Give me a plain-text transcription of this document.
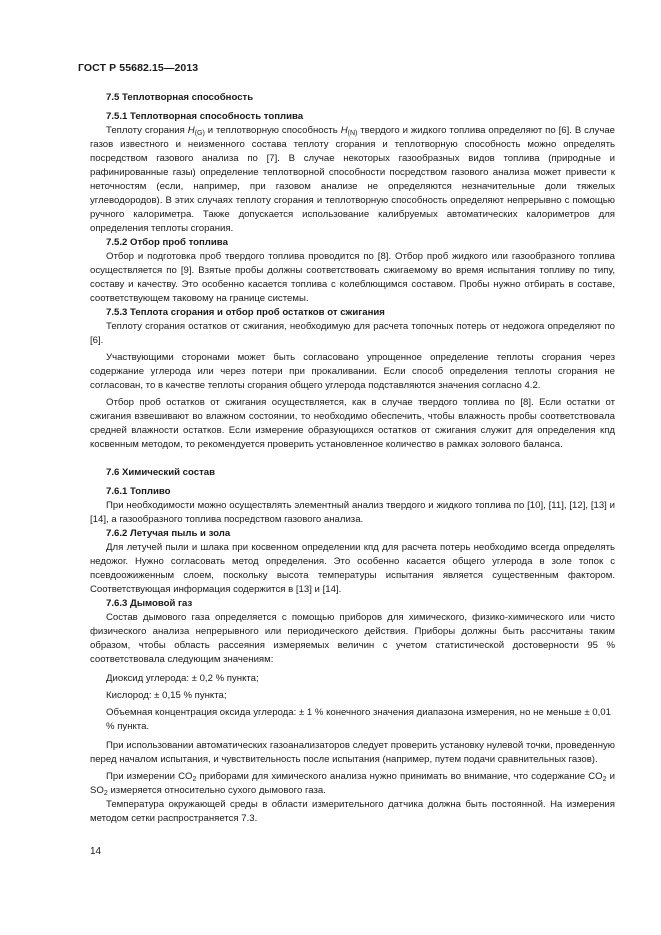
ГОСТ Р 55682.15—2013

7.5 Теплотворная способность

7.5.1 Теплотворная способность топлива

Теплоту сгорания $H_{(G)}$ и теплотворную способность $H_{(N)}$ твердого и жидкого топлива определяют по [6]. В случае газов известного и неизменного состава теплоту сгорания и теплотворную способность можно определять посредством газового анализа по [7]. В случае некоторых газообразных видов топлива (природные и рафинированные газы) определение теплотворной способности посредством газового анализа может привести к неточностям (если, например, при газовом анализе не определяются незначительные доли тяжелых углеводородов). В этих случаях теплоту сгорания и теплотворную способность определяют непрерывно с помощью ручного калориметра. Также допускается использование калибруемых автоматических калориметров для определения теплоты сгорания.

7.5.2 Отбор проб топлива

Отбор и подготовка проб твердого топлива проводится по [8]. Отбор проб жидкого или газообразного топлива осуществляется по [9]. Взятые пробы должны соответствовать сжигаемому во время испытания топливу по типу, составу и качеству. Это особенно касается топлива с колеблющимся составом. Пробы нужно отбирать в составе, соответствующем таковому на границе системы.

7.5.3 Теплота сгорания и отбор проб остатков от сжигания

Теплоту сгорания остатков от сжигания, необходимую для расчета топочных потерь от недожога определяют по [6].

Участвующими сторонами может быть согласовано упрощенное определение теплоты сгорания через содержание углерода или через потери при прокаливании. Если способ определения теплоты сгорания не согласован, то в качестве теплоты сгорания общего углерода подставляются значения согласно 4.2.

Отбор проб остатков от сжигания осуществляется, как в случае твердого топлива по [8]. Если остатки от сжигания взвешивают во влажном состоянии, то необходимо обеспечить, чтобы влажность пробы соответствовала средней влажности остатков. Если измерение образующихся остатков от сжигания служит для определения кпд косвенным методом, то рекомендуется проверить установленное количество в рамках золового баланса.

7.6 Химический состав

7.6.1 Топливо

При необходимости можно осуществлять элементный анализ твердого и жидкого топлива по [10], [11], [12], [13] и [14], а газообразного топлива посредством газового анализа.

7.6.2 Летучая пыль и зола

Для летучей пыли и шлака при косвенном определении кпд для расчета потерь необходимо всегда определять недожог. Нужно согласовать метод определения. Это особенно касается общего углерода в золе топок с псевдоожиженным слоем, поскольку высота температуры испытания является существенным фактором. Соответствующая информация содержится в [13] и [14].

7.6.3 Дымовой газ

Состав дымового газа определяется с помощью приборов для химического, физико-химического или чисто физического анализа непрерывного или периодического действия. Приборы должны быть рассчитаны таким образом, чтобы область рассеяния измеряемых величин с учетом статистической достоверности 95 % соответствовала следующим значениям:

Диоксид углерода: ± 0,2 % пункта;

Кислород: ± 0,15 % пункта;

Объемная концентрация оксида углерода: ± 1 % конечного значения диапазона измерения, но не меньше ± 0,01 % пункта.

При использовании автоматических газоанализаторов следует проверить установку нулевой точки, проведенную перед началом испытания, и чувствительность после испытания (например, путем подачи сравнительных газов).

При измерении $CO_2$ приборами для химического анализа нужно принимать во внимание, что содержание $CO_2$ и $SO_2$ измеряется относительно сухого дымового газа.

Температура окружающей среды в области измерительного датчика должна быть постоянной. На измерения методом сетки распространяется 7.3.

14
